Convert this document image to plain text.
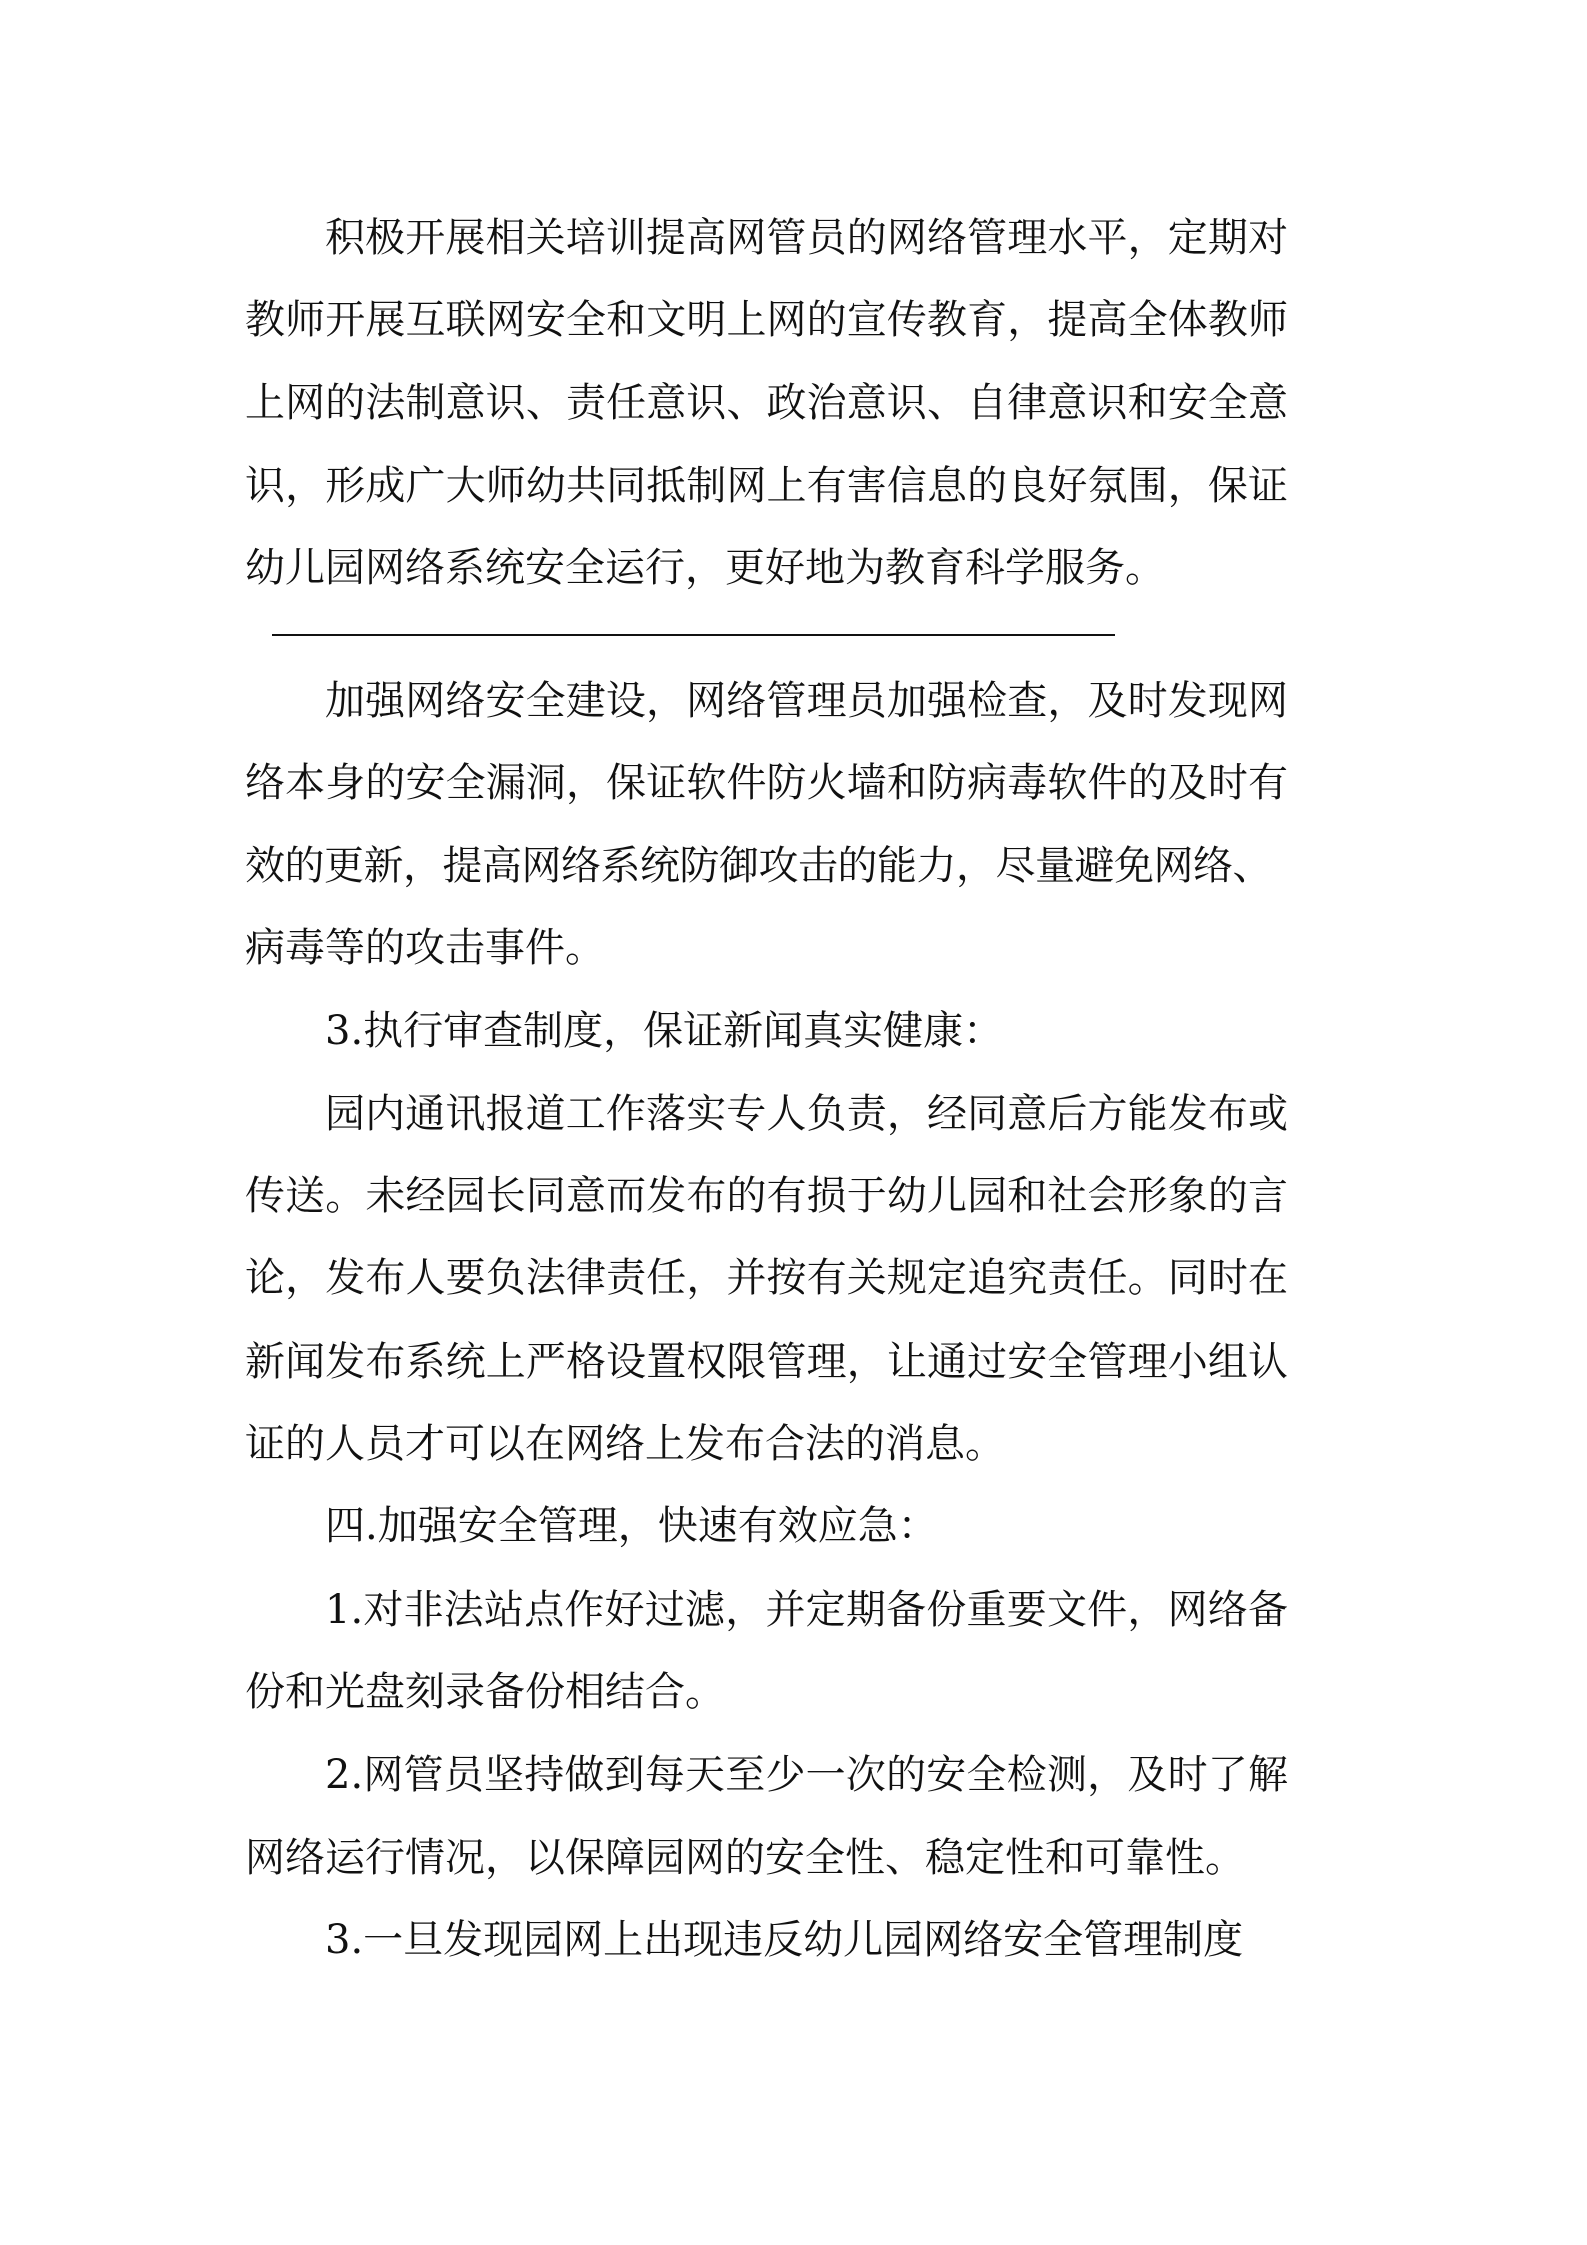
积极开展相关培训提高网管员的网络管理水平，定期对
教师开展互联网安全和文明上网的宣传教育，提高全体教师
上网的法制意识、责任意识、政治意识、自律意识和安全意
识，形成广大师幼共同抵制网上有害信息的良好氛围，保证
幼儿园网络系统安全运行，更好地为教育科学服务。
加强网络安全建设，网络管理员加强检查，及时发现网
络本身的安全漏洞，保证软件防火墙和防病毒软件的及时有
效的更新，提高网络系统防御攻击的能力，尽量避免网络、
病毒等的攻击事件。
3.执行审查制度，保证新闻真实健康：
园内通讯报道工作落实专人负责，经同意后方能发布或
传送。未经园长同意而发布的有损于幼儿园和社会形象的言
论，发布人要负法律责任，并按有关规定追究责任。同时在
新闻发布系统上严格设置权限管理，让通过安全管理小组认
证的人员才可以在网络上发布合法的消息。
四.加强安全管理，快速有效应急：
1.对非法站点作好过滤，并定期备份重要文件，网络备
份和光盘刻录备份相结合。
2.网管员坚持做到每天至少一次的安全检测，及时了解
网络运行情况，以保障园网的安全性、稳定性和可靠性。
3.一旦发现园网上出现违反幼儿园网络安全管理制度
